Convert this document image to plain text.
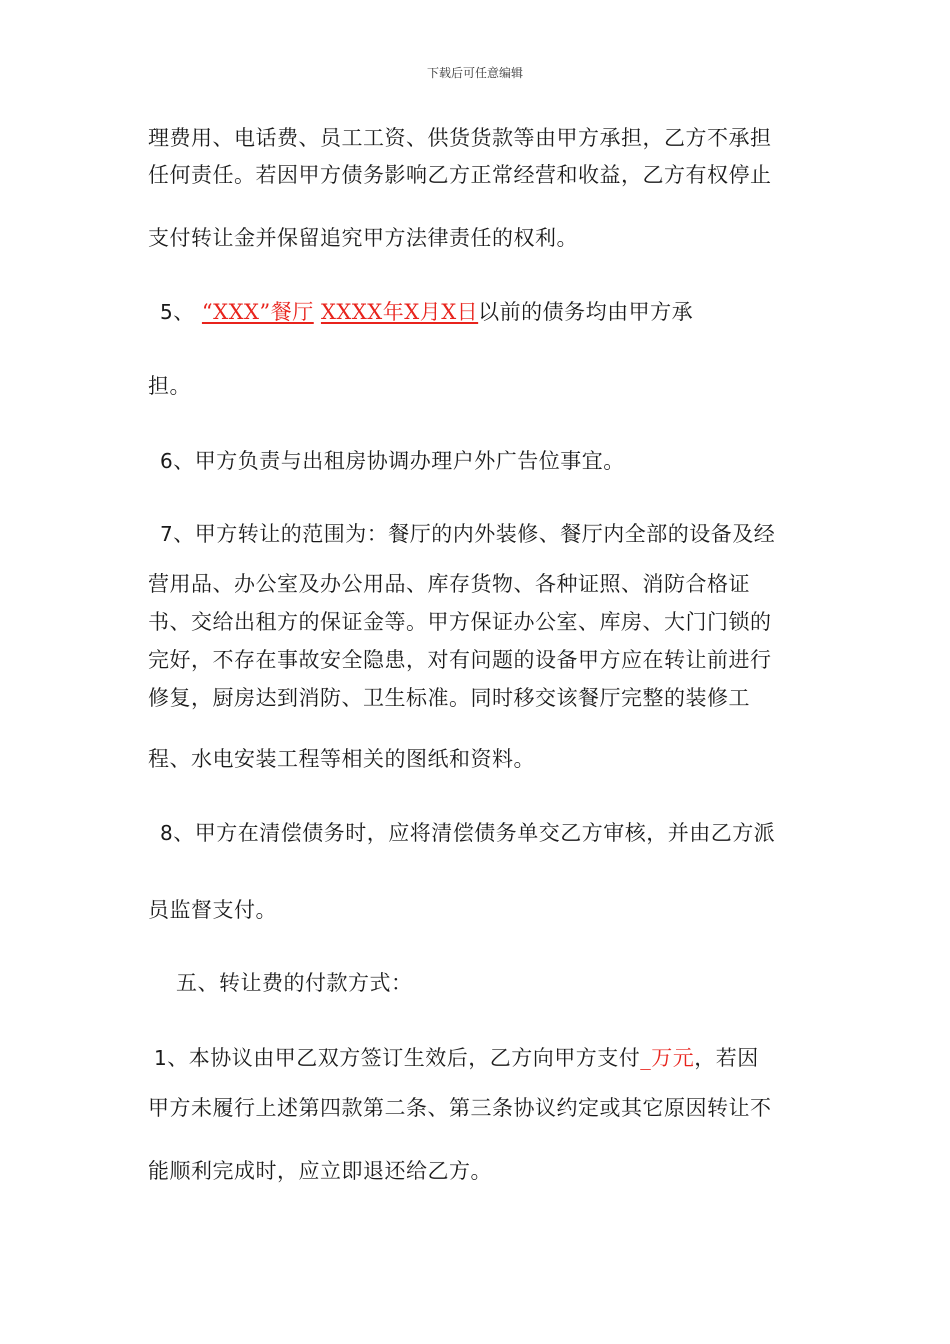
下载后可任意编辑
理费用、电话费、员工工资、供货货款等由甲方承担，乙方不承担
任何责任。若因甲方债务影响乙方正常经营和收益，乙方有权停止
支付转让金并保留追究甲方法律责任的权利。
5、 “XXX”餐厅 XXXX年X月X日以前的债务均由甲方承
担。
6、甲方负责与出租房协调办理户外广告位事宜。
7、甲方转让的范围为：餐厅的内外装修、餐厅内全部的设备及经
营用品、办公室及办公用品、库存货物、各种证照、消防合格证
书、交给出租方的保证金等。甲方保证办公室、库房、大门门锁的
完好，不存在事故安全隐患，对有问题的设备甲方应在转让前进行
修复，厨房达到消防、卫生标准。同时移交该餐厅完整的装修工
程、水电安装工程等相关的图纸和资料。
8、甲方在清偿债务时，应将清偿债务单交乙方审核，并由乙方派
员监督支付。
五、转让费的付款方式：
1、本协议由甲乙双方签订生效后，乙方向甲方支付_万元，若因
甲方未履行上述第四款第二条、第三条协议约定或其它原因转让不
能顺利完成时，应立即退还给乙方。
